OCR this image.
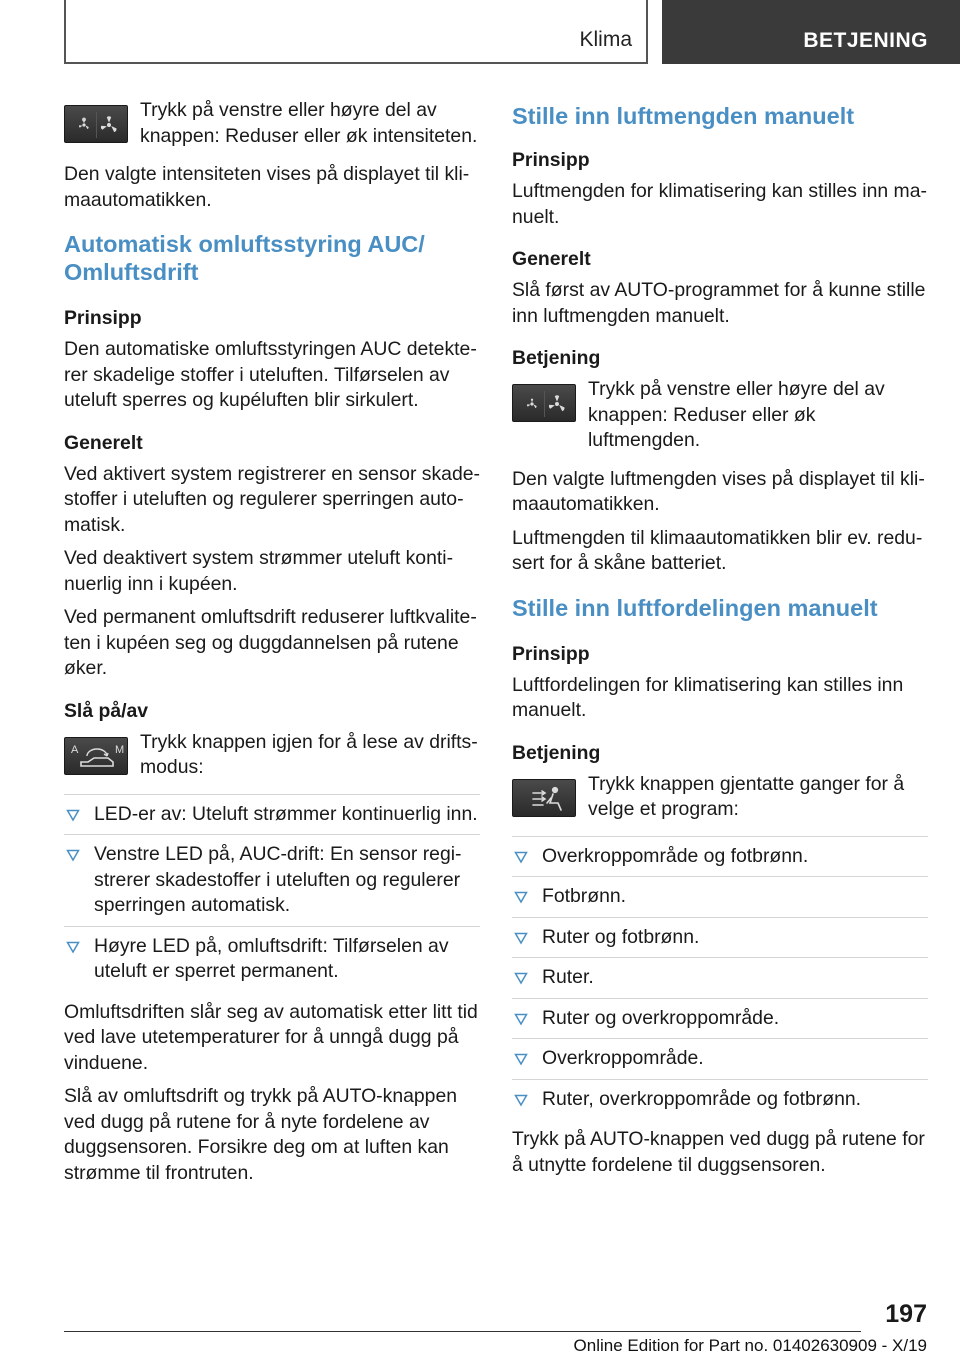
Klima	BETJENING
Trykk på venstre eller høyre del av knappen: Reduser eller øk intensiteten.

Den valgte intensiteten vises på displayet til klimaautomatikken.

Automatisk omluftsstyring AUC/ Omluftsdrift
Prinsipp

Den automatiske omluftsstyringen AUC detekterer skadelige stoffer i uteluften. Tilførselen av uteluft sperres og kupéluften blir sirkulert.

Generelt

Ved aktivert system registrerer en sensor skadestoffer i uteluften og regulerer sperringen automatisk.

Ved deaktivert system strømmer uteluft kontinuerlig inn i kupéen.

Ved permanent omluftsdrift reduserer luftkvaliteten i kupéen seg og duggdannelsen på rutene øker.

Slå på/av
A	M Trykk knappen igjen for å lese av driftsmodus:
LED-er av: Uteluft strømmer kontinuerlig inn.
Venstre LED på, AUC-drift: En sensor registrerer skadestoffer i uteluften og regulerer sperringen automatisk.
Høyre LED på, omluftsdrift: Tilførselen av uteluft er sperret permanent.

Omluftsdriften slår seg av automatisk etter litt tid ved lave utetemperaturer for å unngå dugg på vinduene.

Slå av omluftsdrift og trykk på AUTO-knappen ved dugg på rutene for å nyte fordelene av duggsensoren. Forsikre deg om at luften kan strømme til frontruten.

Stille inn luftmengden manuelt
Prinsipp

Luftmengden for klimatisering kan stilles inn manuelt.

Generelt

Slå først av AUTO-programmet for å kunne stille inn luftmengden manuelt.

Betjening
Trykk på venstre eller høyre del av knappen: Reduser eller øk luftmengden.

Den valgte luftmengden vises på displayet til klimaautomatikken.

Luftmengden til klimaautomatikken blir ev. redusert for å skåne batteriet.

Stille inn luftfordelingen manuelt
Prinsipp

Luftfordelingen for klimatisering kan stilles inn manuelt.

Betjening
Trykk knappen gjentatte ganger for å velge et program:
Overkroppområde og fotbrønn.
Fotbrønn.
Ruter og fotbrønn.
Ruter.
Ruter og overkroppområde.
Overkroppområde.
Ruter, overkroppområde og fotbrønn.

Trykk på AUTO-knappen ved dugg på rutene for å utnytte fordelene til duggsensoren.

197
Online Edition for Part no. 01402630909 - X/19
